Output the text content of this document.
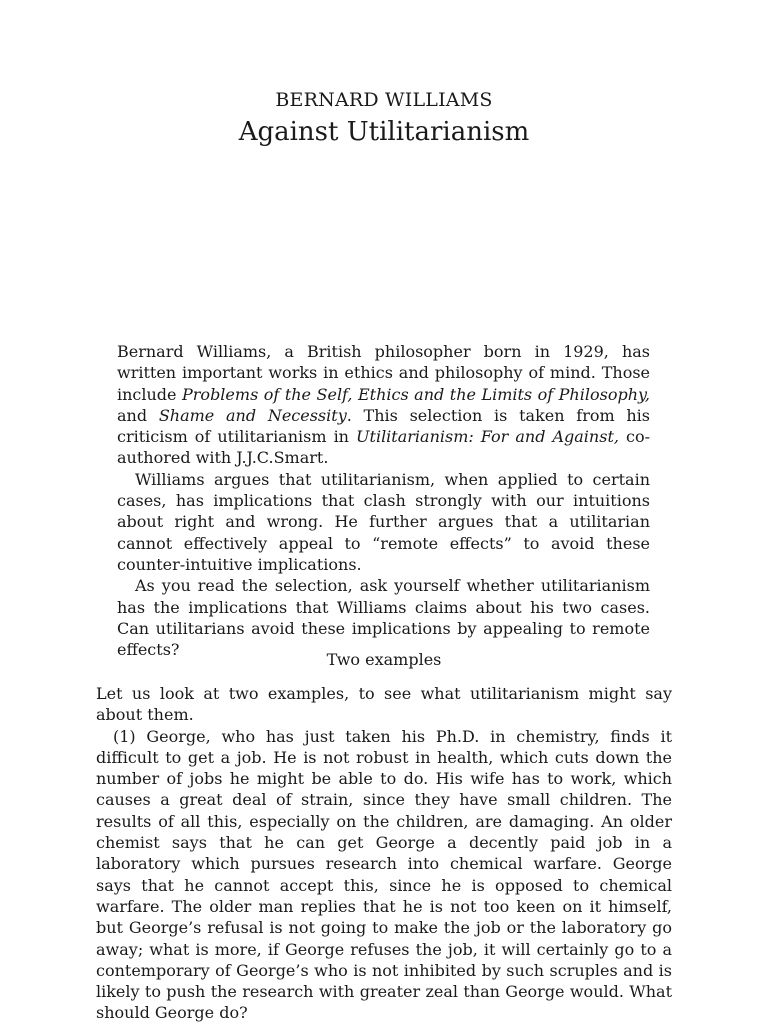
BERNARD WILLIAMS
Against Utilitarianism

Bernard Williams, a British philosopher born in 1929, has written important works in ethics and philosophy of mind. Those include Problems of the Self, Ethics and the Limits of Philosophy, and Shame and Necessity. This selection is taken from his criticism of utilitarianism in Utilitarianism: For and Against, co-authored with J.J.C.Smart.

Williams argues that utilitarianism, when applied to certain cases, has implications that clash strongly with our intuitions about right and wrong. He further argues that a utilitarian cannot effectively appeal to “remote effects” to avoid these counter-intuitive implications.

As you read the selection, ask yourself whether utilitarianism has the implications that Williams claims about his two cases. Can utilitarians avoid these implications by appealing to remote effects?

Two examples

Let us look at two examples, to see what utilitarianism might say about them.

(1) George, who has just taken his Ph.D. in chemistry, finds it difficult to get a job. He is not robust in health, which cuts down the number of jobs he might be able to do. His wife has to work, which causes a great deal of strain, since they have small children. The results of all this, especially on the children, are damaging. An older chemist says that he can get George a decently paid job in a laboratory which pursues research into chemical warfare. George says that he cannot accept this, since he is opposed to chemical warfare. The older man replies that he is not too keen on it himself, but George’s refusal is not going to make the job or the laboratory go away; what is more, if George refuses the job, it will certainly go to a contemporary of George’s who is not inhibited by such scruples and is likely to push the research with greater zeal than George would. What should George do?
